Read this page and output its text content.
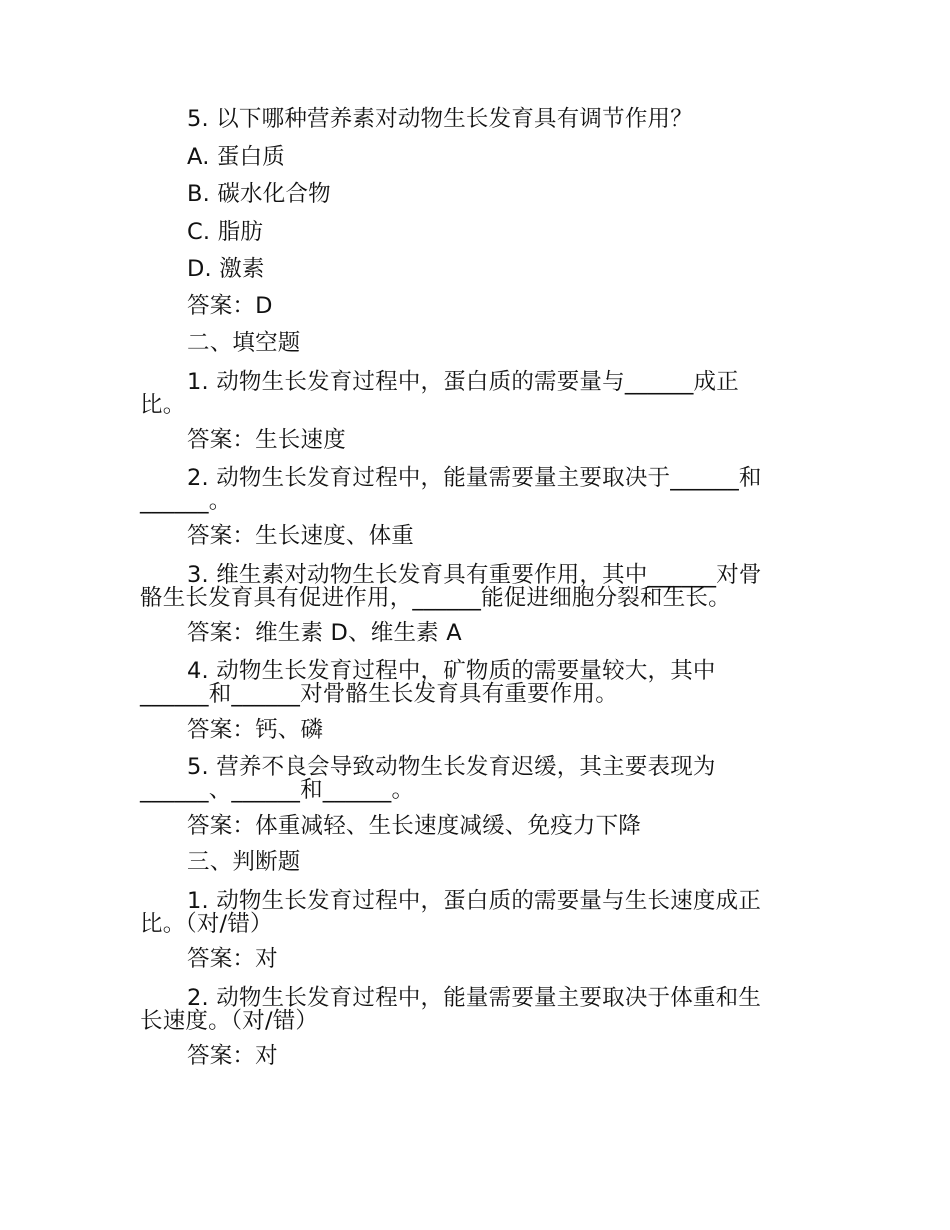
5. 以下哪种营养素对动物生长发育具有调节作用？
A. 蛋白质
B. 碳水化合物
C. 脂肪
D. 激素
答案：D
二、填空题
1. 动物生长发育过程中，蛋白质的需要量与______成正
比。
答案：生长速度
2. 动物生长发育过程中，能量需要量主要取决于______和
______。
答案：生长速度、体重
3. 维生素对动物生长发育具有重要作用，其中______对骨
骼生长发育具有促进作用，______能促进细胞分裂和生长。
答案：维生素 D、维生素 A
4. 动物生长发育过程中，矿物质的需要量较大，其中
______和______对骨骼生长发育具有重要作用。
答案：钙、磷
5. 营养不良会导致动物生长发育迟缓，其主要表现为
______、______和______。
答案：体重减轻、生长速度减缓、免疫力下降
三、判断题
1. 动物生长发育过程中，蛋白质的需要量与生长速度成正
比。（对/错）
答案：对
2. 动物生长发育过程中，能量需要量主要取决于体重和生
长速度。（对/错）
答案：对
